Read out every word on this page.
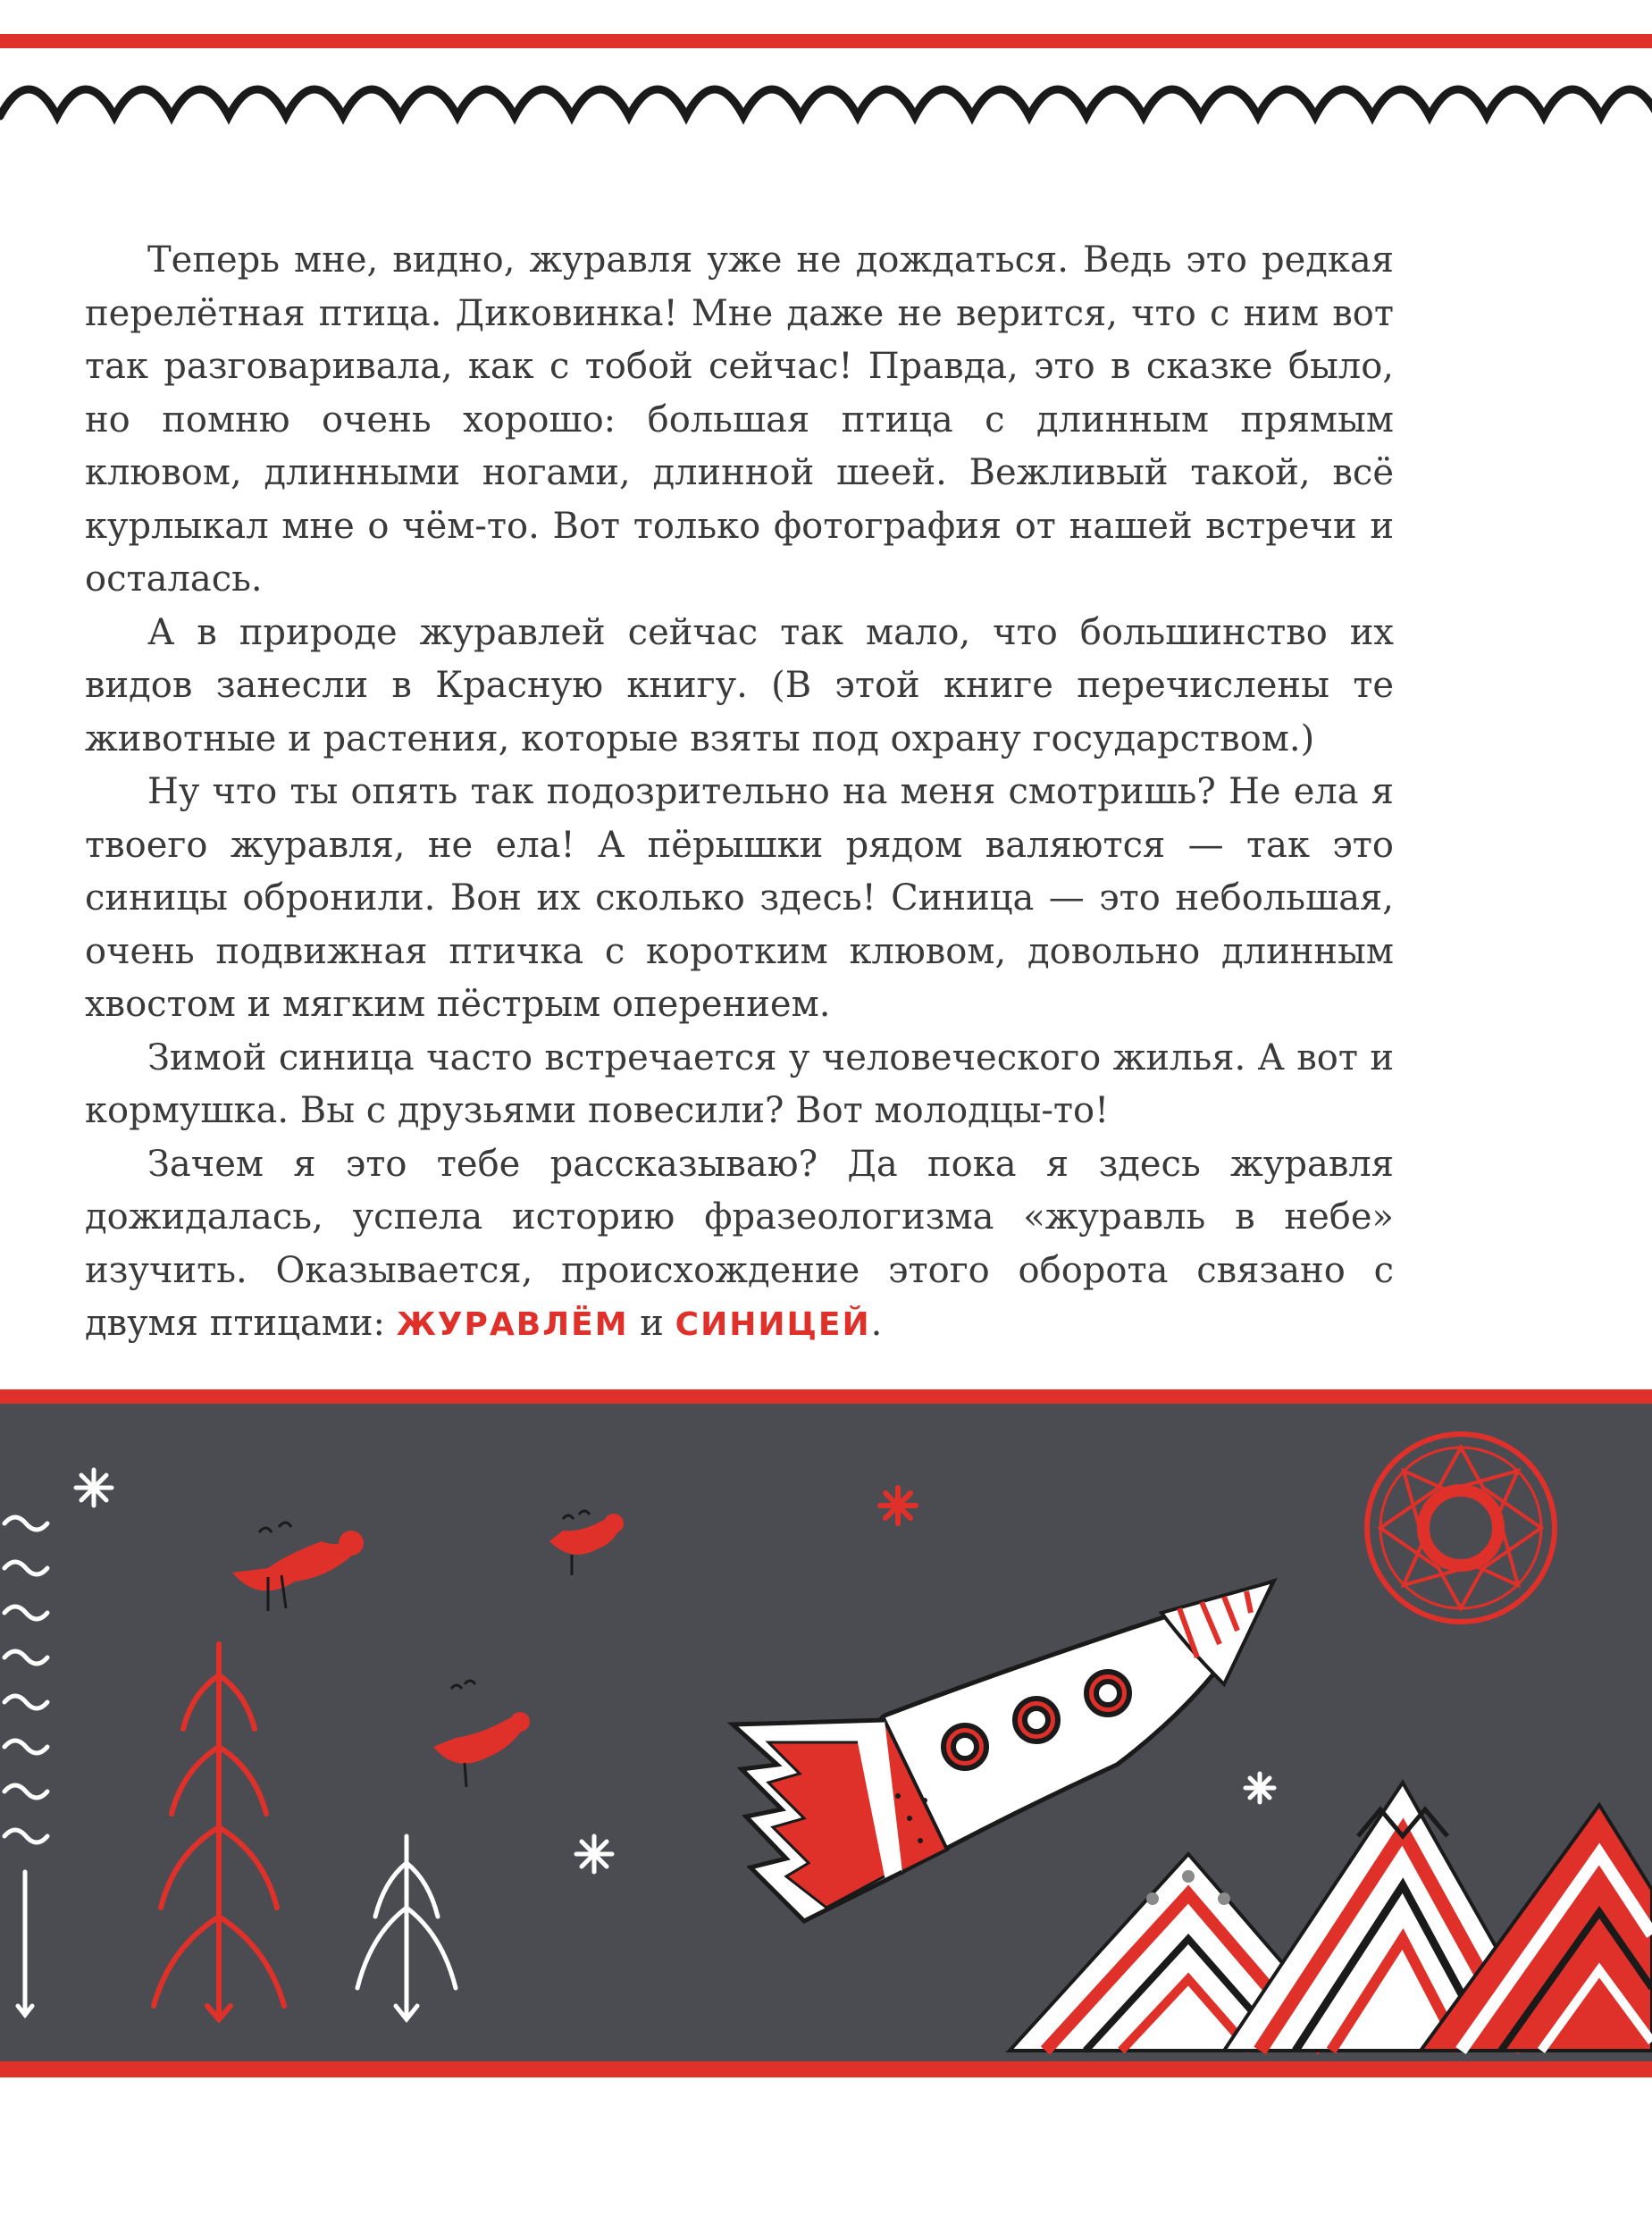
Теперь мне, видно, журавля уже не дождаться. Ведь это редкая перелётная птица. Диковинка! Мне даже не верится, что с ним вот так разговаривала, как с тобой сейчас! Правда, это в сказке было, но помню очень хорошо: большая птица с длинным прямым клювом, длинными ногами, длинной шеей. Вежливый такой, всё курлыкал мне о чём-то. Вот только фотография от нашей встречи и осталась.

А в природе журавлей сейчас так мало, что большинство их видов занесли в Красную книгу. (В этой книге перечислены те животные и растения, которые взяты под охрану государством.)

Ну что ты опять так подозрительно на меня смотришь? Не ела я твоего журавля, не ела! А пёрышки рядом валяются — так это синицы обронили. Вон их сколько здесь! Синица — это небольшая, очень подвижная птичка с коротким клювом, довольно длинным хвостом и мягким пёстрым оперением.

Зимой синица часто встречается у человеческого жилья. А вот и кормушка. Вы с друзьями повесили? Вот молодцы-то!

Зачем я это тебе рассказываю? Да пока я здесь журавля дожидалась, успела историю фразеологизма «журавль в небе» изучить. Оказывается, происхождение этого оборота связано с двумя птицами: ЖУРАВЛЁМ и СИНИЦЕЙ.
